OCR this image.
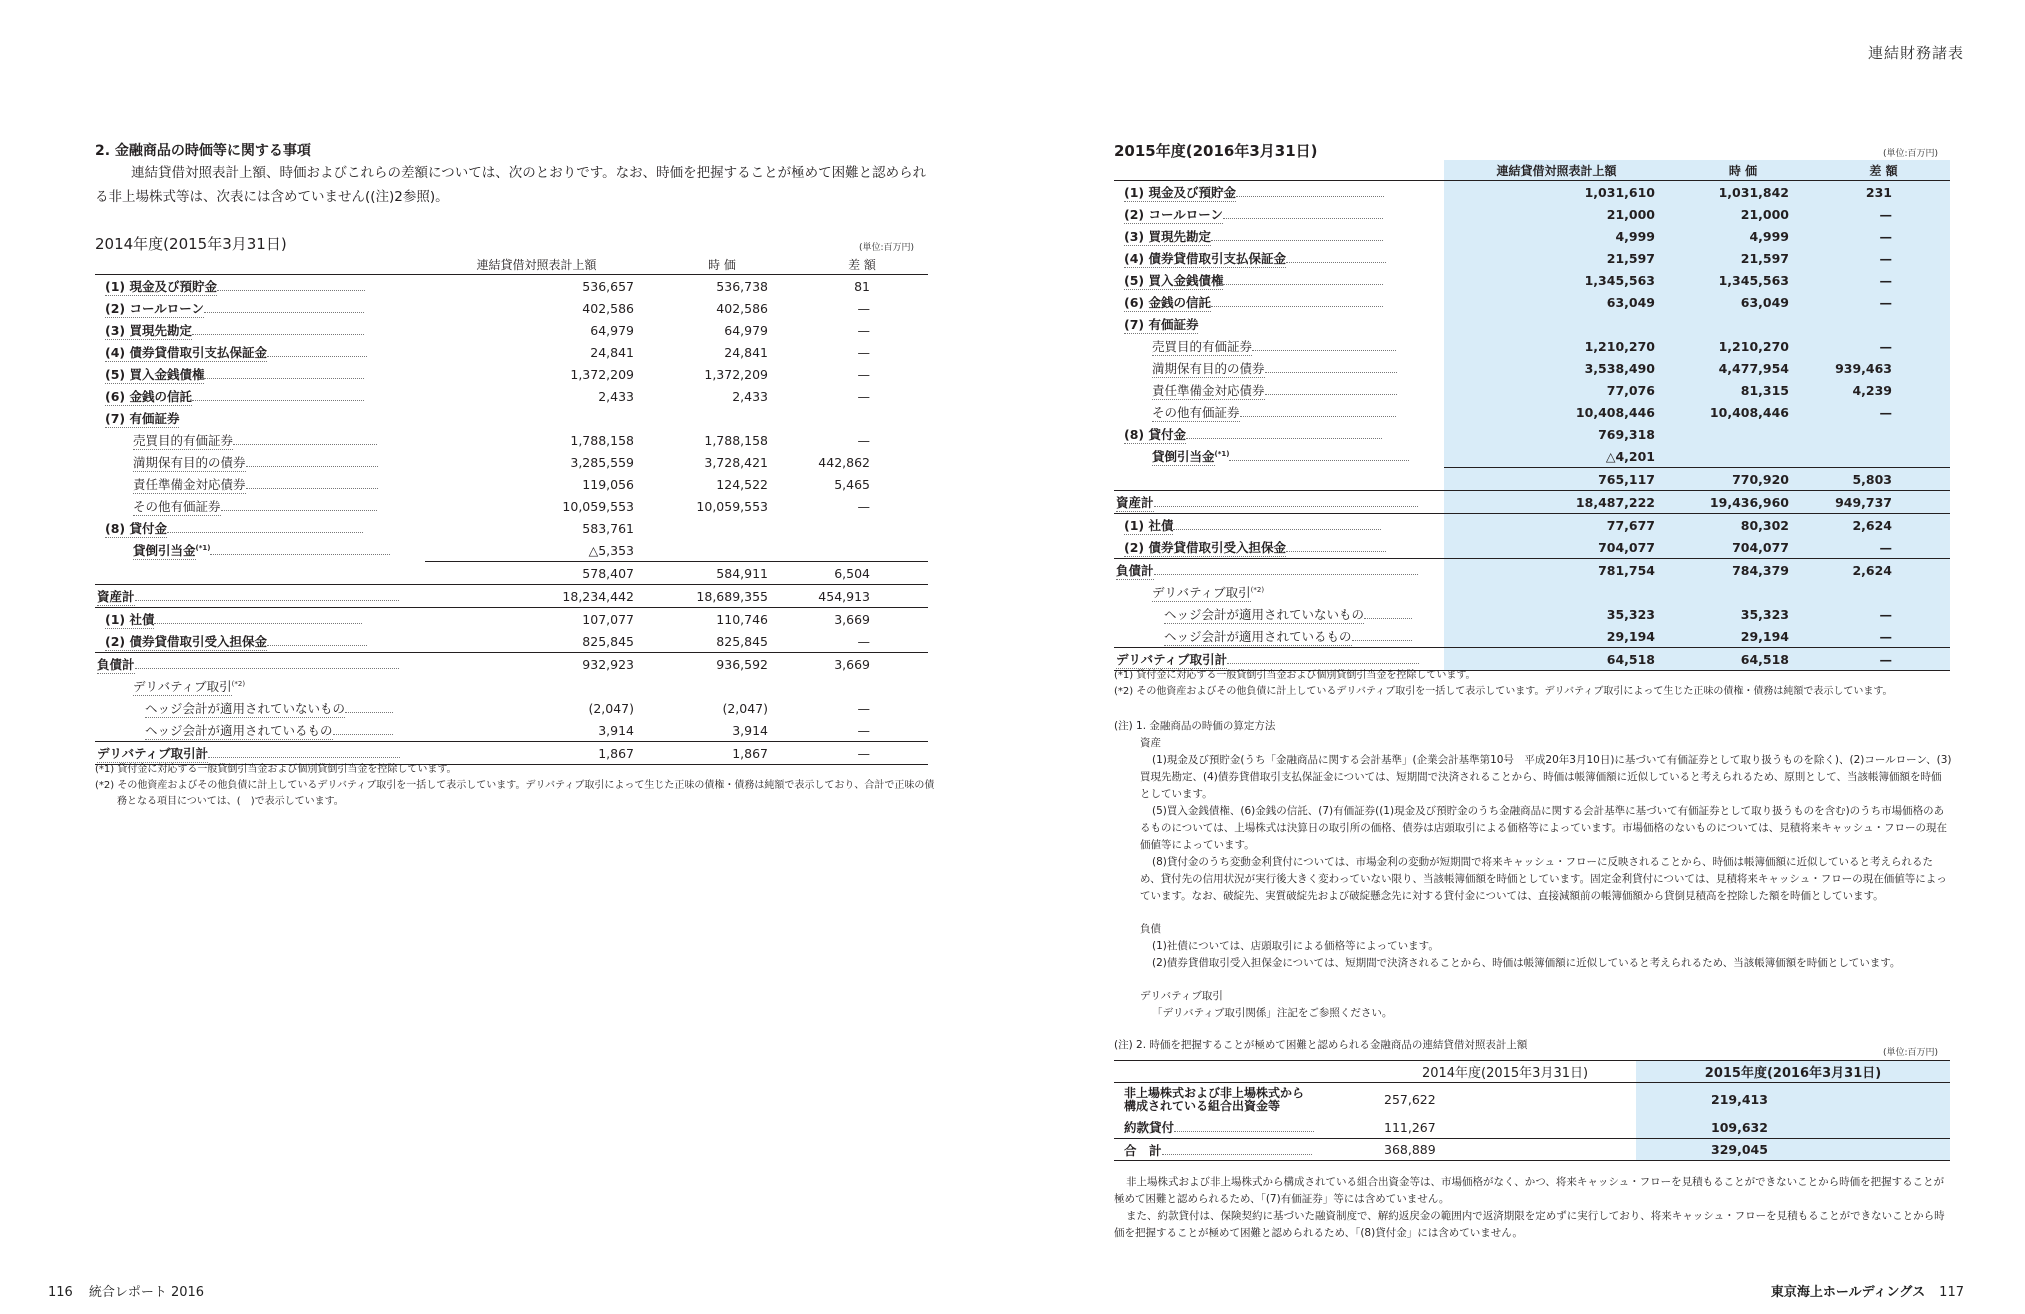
連結財務諸表
116 統合レポート 2016	東京海上ホールディングス 117
2. 金融商品の時価等に関する事項
連結貸借対照表計上額、時価およびこれらの差額については、次のとおりです。なお、時価を把握することが極めて困難と認められる非上場株式等は、次表には含めていません((注)2参照)。
2014年度(2015年3月31日)	(単位:百万円)
	連結貸借対照表計上額	時 価	差 額
(1) 現金及び預貯金	536,657	536,738	81
(2) コールローン	402,586	402,586	—
(3) 買現先勘定	64,979	64,979	—
(4) 債券貸借取引支払保証金	24,841	24,841	—
(5) 買入金銭債権	1,372,209	1,372,209	—
(6) 金銭の信託	2,433	2,433	—
(7) 有価証券			
売買目的有価証券	1,788,158	1,788,158	—
満期保有目的の債券	3,285,559	3,728,421	442,862
責任準備金対応債券	119,056	124,522	5,465
その他有価証券	10,059,553	10,059,553	—
(8) 貸付金	583,761		
貸倒引当金$^{(*1)}$	△5,353		
	578,407	584,911	6,504
資産計	18,234,442	18,689,355	454,913
(1) 社債	107,077	110,746	3,669
(2) 債券貸借取引受入担保金	825,845	825,845	—
負債計	932,923	936,592	3,669
デリバティブ取引$^{(*2)}$			
ヘッジ会計が適用されていないもの	(2,047)	(2,047)	—
ヘッジ会計が適用されているもの	3,914	3,914	—
デリバティブ取引計	1,867	1,867	—
(*1) 貸付金に対応する一般貸倒引当金および個別貸倒引当金を控除しています。
(*2) その他資産およびその他負債に計上しているデリバティブ取引を一括して表示しています。デリバティブ取引によって生じた正味の債権・債務は純額で表示しており、合計で正味の債務となる項目については、(　)で表示しています。
2015年度(2016年3月31日)	(単位:百万円)
	連結貸借対照表計上額	時 価	差 額
(1) 現金及び預貯金	1,031,610	1,031,842	231
(2) コールローン	21,000	21,000	—
(3) 買現先勘定	4,999	4,999	—
(4) 債券貸借取引支払保証金	21,597	21,597	—
(5) 買入金銭債権	1,345,563	1,345,563	—
(6) 金銭の信託	63,049	63,049	—
(7) 有価証券			
売買目的有価証券	1,210,270	1,210,270	—
満期保有目的の債券	3,538,490	4,477,954	939,463
責任準備金対応債券	77,076	81,315	4,239
その他有価証券	10,408,446	10,408,446	—
(8) 貸付金	769,318		
貸倒引当金$^{(*1)}$	△4,201		
	765,117	770,920	5,803
資産計	18,487,222	19,436,960	949,737
(1) 社債	77,677	80,302	2,624
(2) 債券貸借取引受入担保金	704,077	704,077	—
負債計	781,754	784,379	2,624
デリバティブ取引$^{(*2)}$			
ヘッジ会計が適用されていないもの	35,323	35,323	—
ヘッジ会計が適用されているもの	29,194	29,194	—
デリバティブ取引計	64,518	64,518	—
(*1) 貸付金に対応する一般貸倒引当金および個別貸倒引当金を控除しています。
(*2) その他資産およびその他負債に計上しているデリバティブ取引を一括して表示しています。デリバティブ取引によって生じた正味の債権・債務は純額で表示しています。
(注) 1. 金融商品の時価の算定方法
資産
(1)現金及び預貯金(うち「金融商品に関する会計基準」(企業会計基準第10号　平成20年3月10日)に基づいて有価証券として取り扱うものを除く)、(2)コールローン、(3)買現先勘定、(4)債券貸借取引支払保証金については、短期間で決済されることから、時価は帳簿価額に近似していると考えられるため、原則として、当該帳簿価額を時価としています。
(5)買入金銭債権、(6)金銭の信託、(7)有価証券((1)現金及び預貯金のうち金融商品に関する会計基準に基づいて有価証券として取り扱うものを含む)のうち市場価格のあるものについては、上場株式は決算日の取引所の価格、債券は店頭取引による価格等によっています。市場価格のないものについては、見積将来キャッシュ・フローの現在価値等によっています。
(8)貸付金のうち変動金利貸付については、市場金利の変動が短期間で将来キャッシュ・フローに反映されることから、時価は帳簿価額に近似していると考えられるため、貸付先の信用状況が実行後大きく変わっていない限り、当該帳簿価額を時価としています。固定金利貸付については、見積将来キャッシュ・フローの現在価値等によっています。なお、破綻先、実質破綻先および破綻懸念先に対する貸付金については、直接減額前の帳簿価額から貸倒見積高を控除した額を時価としています。
負債
(1)社債については、店頭取引による価格等によっています。
(2)債券貸借取引受入担保金については、短期間で決済されることから、時価は帳簿価額に近似していると考えられるため、当該帳簿価額を時価としています。
デリバティブ取引
「デリバティブ取引関係」注記をご参照ください。
(注) 2. 時価を把握することが極めて困難と認められる金融商品の連結貸借対照表計上額
(単位:百万円)
	2014年度(2015年3月31日)	2015年度(2016年3月31日)

非上場株式および非上場株式から
構成されている組合出資金等	257,622	219,413
約款貸付	111,267	109,632
合　計	368,889	329,045
非上場株式および非上場株式から構成されている組合出資金等は、市場価格がなく、かつ、将来キャッシュ・フローを見積もることができないことから時価を把握することが極めて困難と認められるため、「(7)有価証券」等には含めていません。
また、約款貸付は、保険契約に基づいた融資制度で、解約返戻金の範囲内で返済期限を定めずに実行しており、将来キャッシュ・フローを見積もることができないことから時価を把握することが極めて困難と認められるため、「(8)貸付金」には含めていません。
